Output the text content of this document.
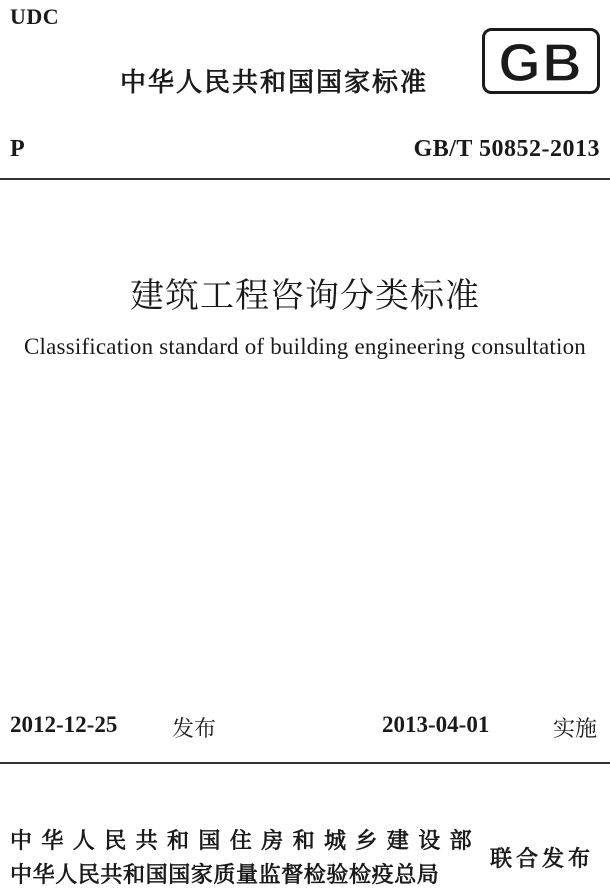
UDC
中华人民共和国国家标准 GB
P	GB/T 50852-2013
建筑工程咨询分类标准
Classification standard of building engineering consultation
2012-12-25 发布	2013-04-01	实施
中华人民共和国住房和城乡建设部
中华人民共和国国家质量监督检验检疫总局
联合发布
